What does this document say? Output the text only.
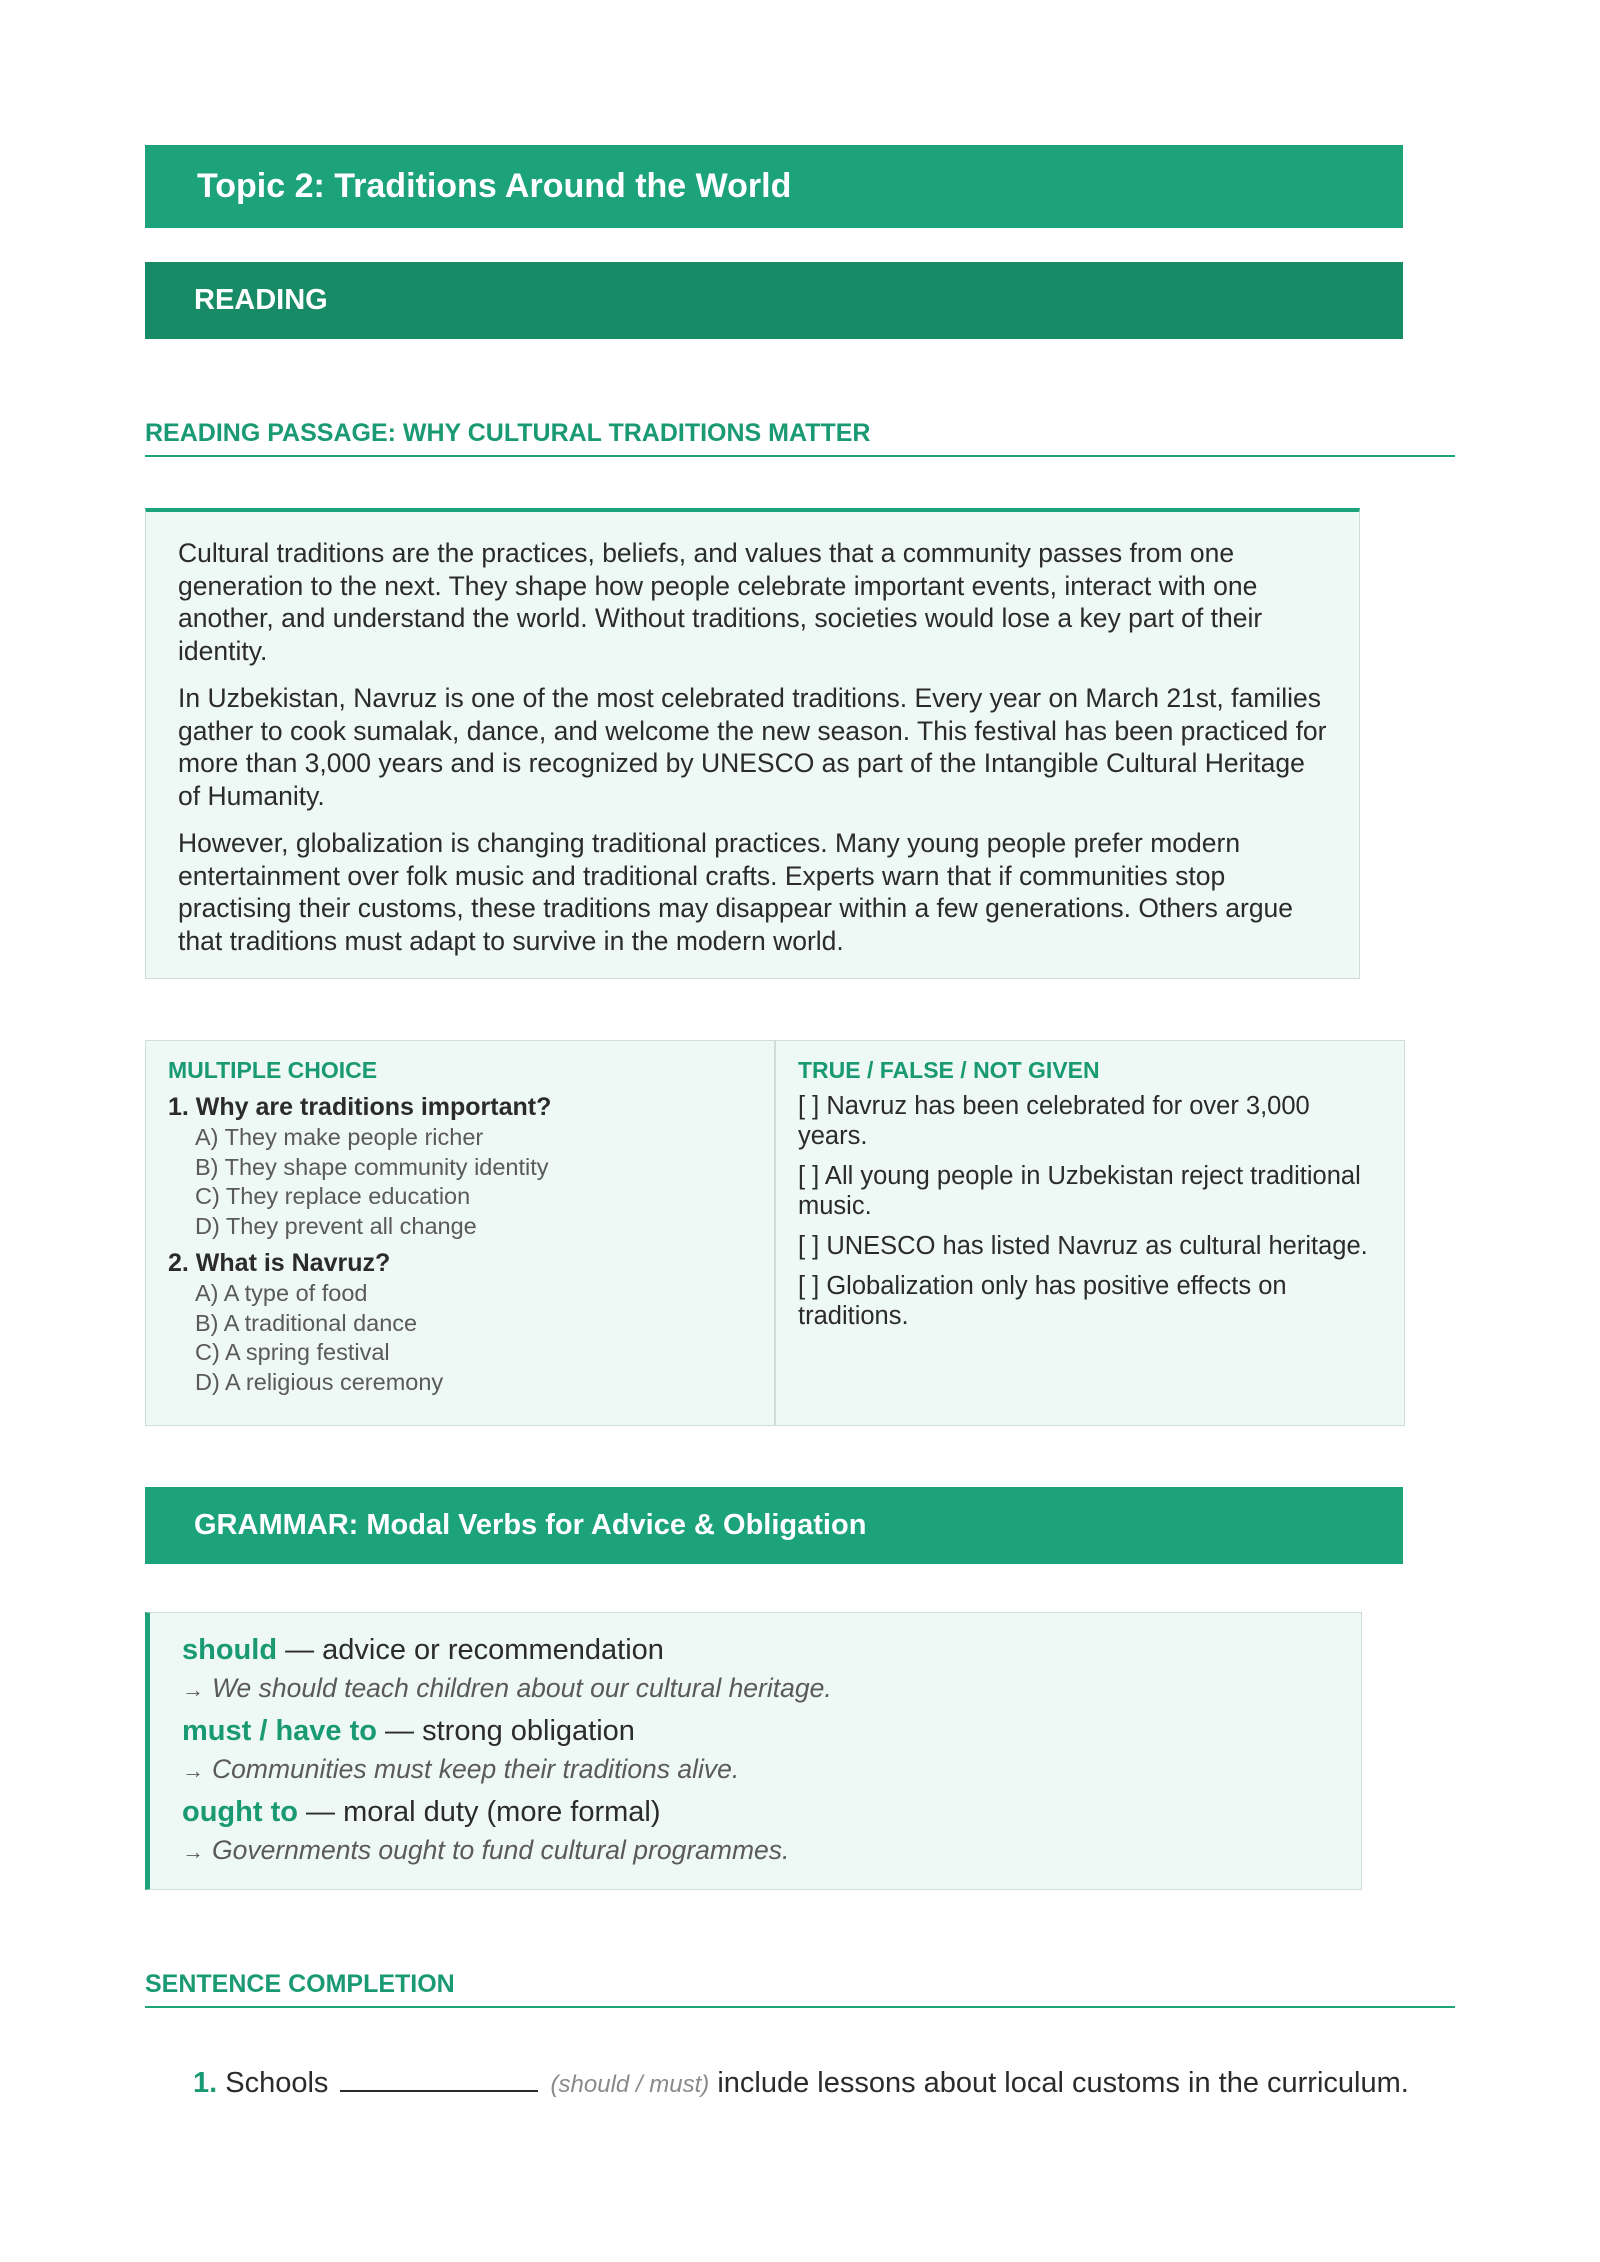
Topic 2: Traditions Around the World
READING
READING PASSAGE: WHY CULTURAL TRADITIONS MATTER

Cultural traditions are the practices, beliefs, and values that a community passes from one generation to the next. They shape how people celebrate important events, interact with one another, and understand the world. Without traditions, societies would lose a key part of their identity.

In Uzbekistan, Navruz is one of the most celebrated traditions. Every year on March 21st, families gather to cook sumalak, dance, and welcome the new season. This festival has been practiced for more than 3,000 years and is recognized by UNESCO as part of the Intangible Cultural Heritage of Humanity.

However, globalization is changing traditional practices. Many young people prefer modern entertainment over folk music and traditional crafts. Experts warn that if communities stop practising their customs, these traditions may disappear within a few generations. Others argue that traditions must adapt to survive in the modern world.

MULTIPLE CHOICE
1. Why are traditions important?
A) They make people richer
B) They shape community identity
C) They replace education
D) They prevent all change
2. What is Navruz?
A) A type of food
B) A traditional dance
C) A spring festival
D) A religious ceremony
TRUE / FALSE / NOT GIVEN
[ ] Navruz has been celebrated for over 3,000 years.
[ ] All young people in Uzbekistan reject traditional music.
[ ] UNESCO has listed Navruz as cultural heritage.
[ ] Globalization only has positive effects on traditions.
GRAMMAR: Modal Verbs for Advice & Obligation
should — advice or recommendation
→ We should teach children about our cultural heritage.
must / have to — strong obligation
→ Communities must keep their traditions alive.
ought to — moral duty (more formal)
→ Governments ought to fund cultural programmes.
SENTENCE COMPLETION
1. Schools	(should / must) include lessons about local customs in the curriculum.
